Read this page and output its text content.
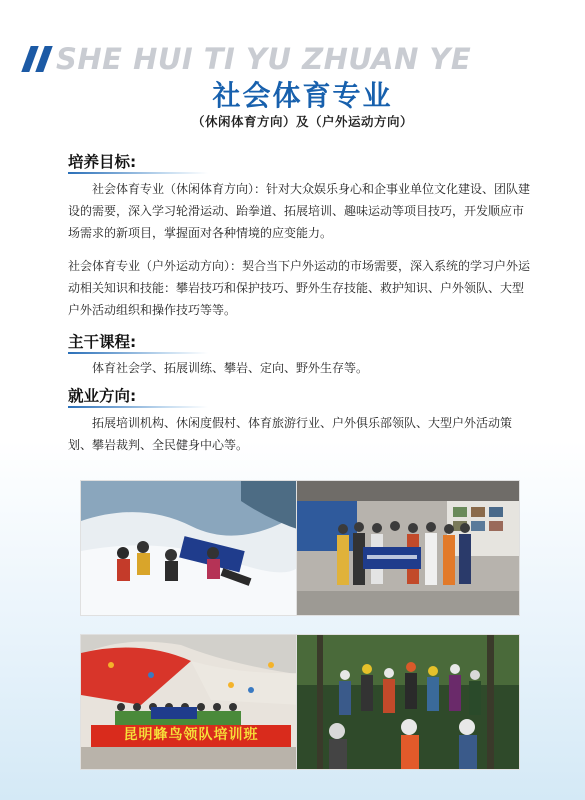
SHE HUI TI YU ZHUAN YE
社会体育专业
（休闲体育方向）及（户外运动方向）
培养目标:
社会体育专业（休闲体育方向）：针对大众娱乐身心和企事业单位文化建设、团队建设的需要，深入学习轮滑运动、跆拳道、拓展培训、趣味运动等项目技巧，开发顺应市场需求的新项目，掌握面对各种情境的应变能力。
社会体育专业（户外运动方向）：契合当下户外运动的市场需要，深入系统的学习户外运动相关知识和技能：攀岩技巧和保护技巧、野外生存技能、救护知识、户外领队、大型户外活动组织和操作技巧等等。
主干课程:
体育社会学、拓展训练、攀岩、定向、野外生存等。
就业方向:
拓展培训机构、休闲度假村、体育旅游行业、户外俱乐部领队、大型户外活动策划、攀岩裁判、全民健身中心等。
昆明蜂鸟领队培训班
